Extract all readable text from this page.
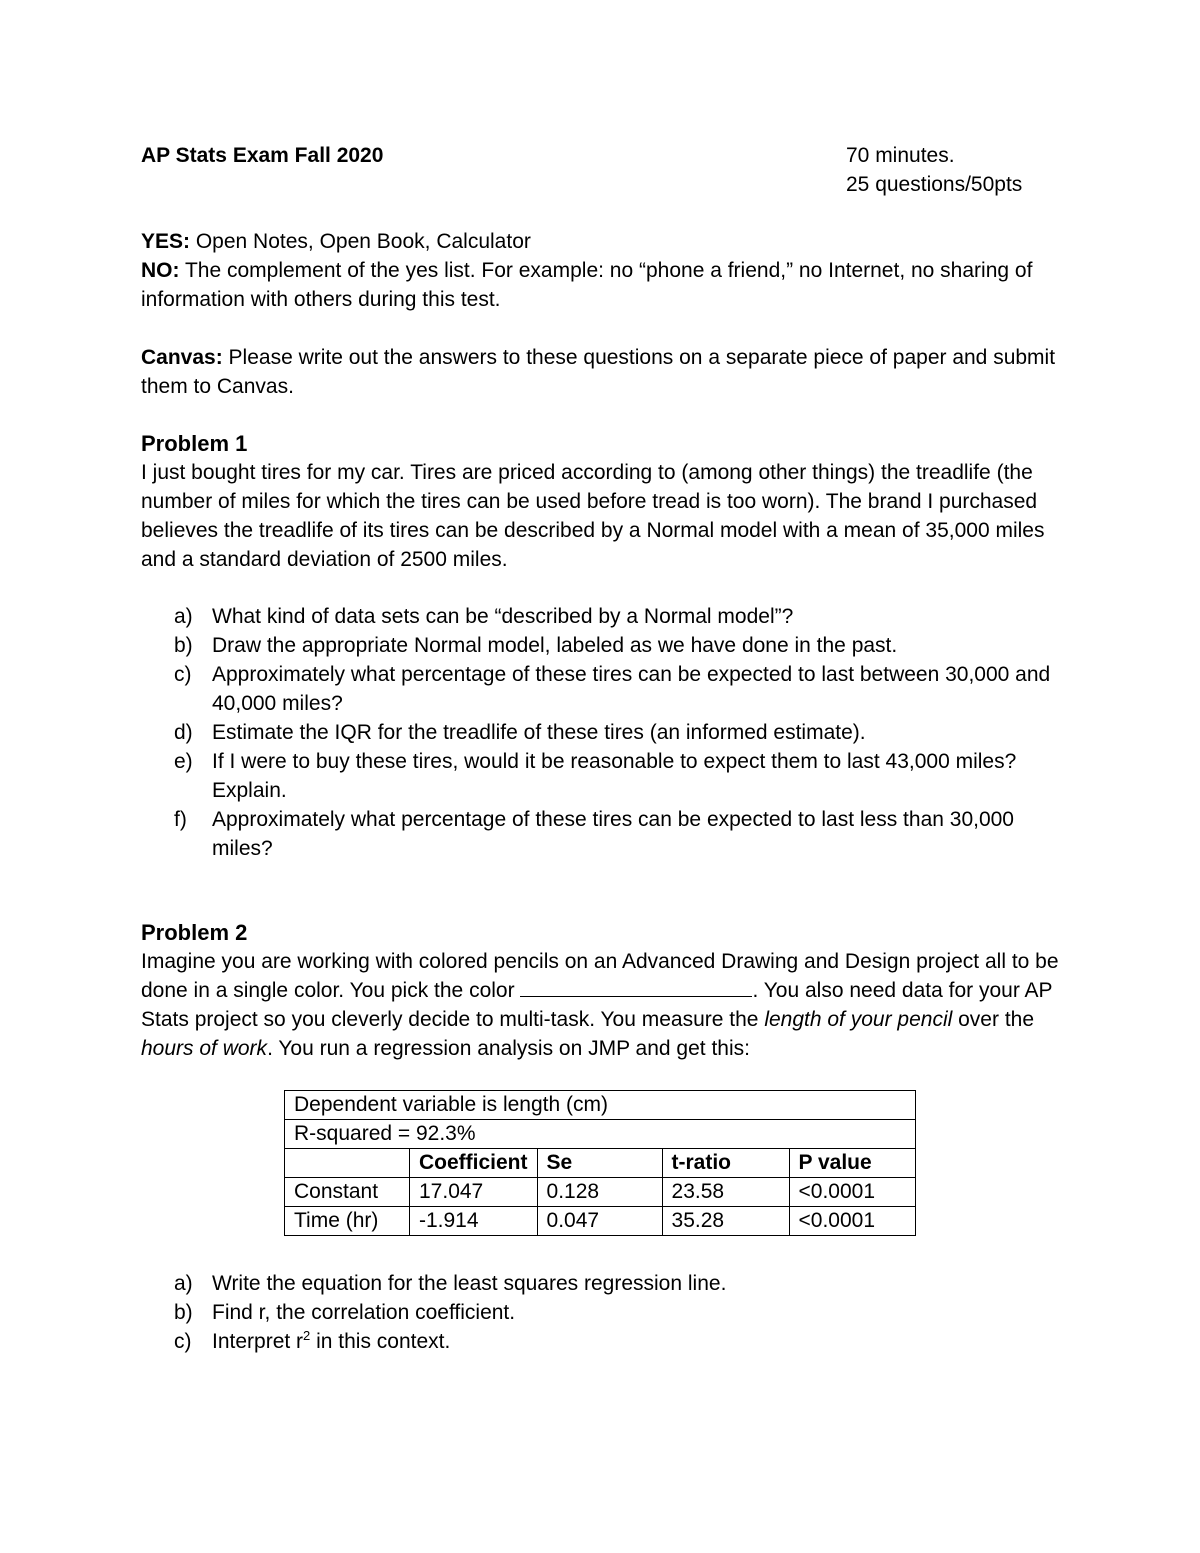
AP Stats Exam Fall 2020	70 minutes.
25 questions/50pts
YES: Open Notes, Open Book, Calculator
NO: The complement of the yes list. For example: no “phone a friend,” no Internet, no sharing of information with others during this test.
Canvas: Please write out the answers to these questions on a separate piece of paper and submit them to Canvas.
Problem 1
I just bought tires for my car. Tires are priced according to (among other things) the treadlife (the number of miles for which the tires can be used before tread is too worn). The brand I purchased believes the treadlife of its tires can be described by a Normal model with a mean of 35,000 miles and a standard deviation of 2500 miles.
a) What kind of data sets can be “described by a Normal model”?
b) Draw the appropriate Normal model, labeled as we have done in the past.
c) Approximately what percentage of these tires can be expected to last between 30,000 and 40,000 miles?
d) Estimate the IQR for the treadlife of these tires (an informed estimate).
e) If I were to buy these tires, would it be reasonable to expect them to last 43,000 miles? Explain.
f) Approximately what percentage of these tires can be expected to last less than 30,000 miles?
Problem 2
Imagine you are working with colored pencils on an Advanced Drawing and Design project all to be done in a single color. You pick the color	. You also need data for your AP Stats project so you cleverly decide to multi-task. You measure the length of your pencil over the hours of work. You run a regression analysis on JMP and get this:
Dependent variable is length (cm)				
R-squared = 92.3%				
	Coefficient	Se	t-ratio	P value
Constant	17.047	0.128	23.58	<0.0001
Time (hr)	-1.914	0.047	35.28	<0.0001
a) Write the equation for the least squares regression line.
b) Find r, the correlation coefficient.
c) Interpret $r^2$ in this context.
